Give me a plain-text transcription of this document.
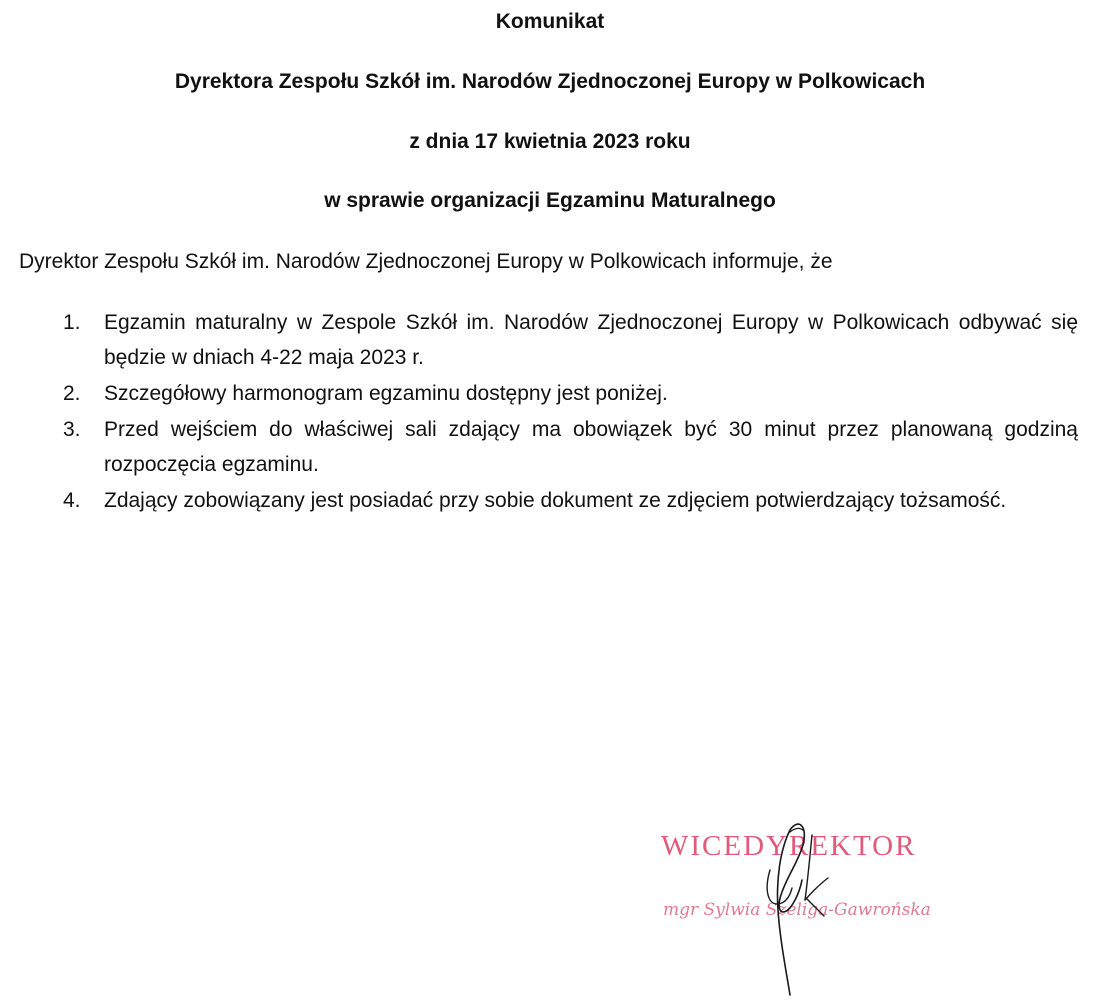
Komunikat
Dyrektora Zespołu Szkół im. Narodów Zjednoczonej Europy w Polkowicach
z dnia 17 kwietnia 2023 roku
w sprawie organizacji Egzaminu Maturalnego

Dyrektor Zespołu Szkół im. Narodów Zjednoczonej Europy w Polkowicach informuje, że

1. Egzamin maturalny w Zespole Szkół im. Narodów Zjednoczonej Europy w Polkowicach odbywać się będzie w dniach 4-22 maja 2023 r.
2. Szczegółowy harmonogram egzaminu dostępny jest poniżej.
3. Przed wejściem do właściwej sali zdający ma obowiązek być 30 minut przez planowaną godziną rozpoczęcia egzaminu.
4. Zdający zobowiązany jest posiadać przy sobie dokument ze zdjęciem potwierdzający tożsamość.

WICEDYREKTOR

mgr Sylwia Szeliga-Gawrońska
